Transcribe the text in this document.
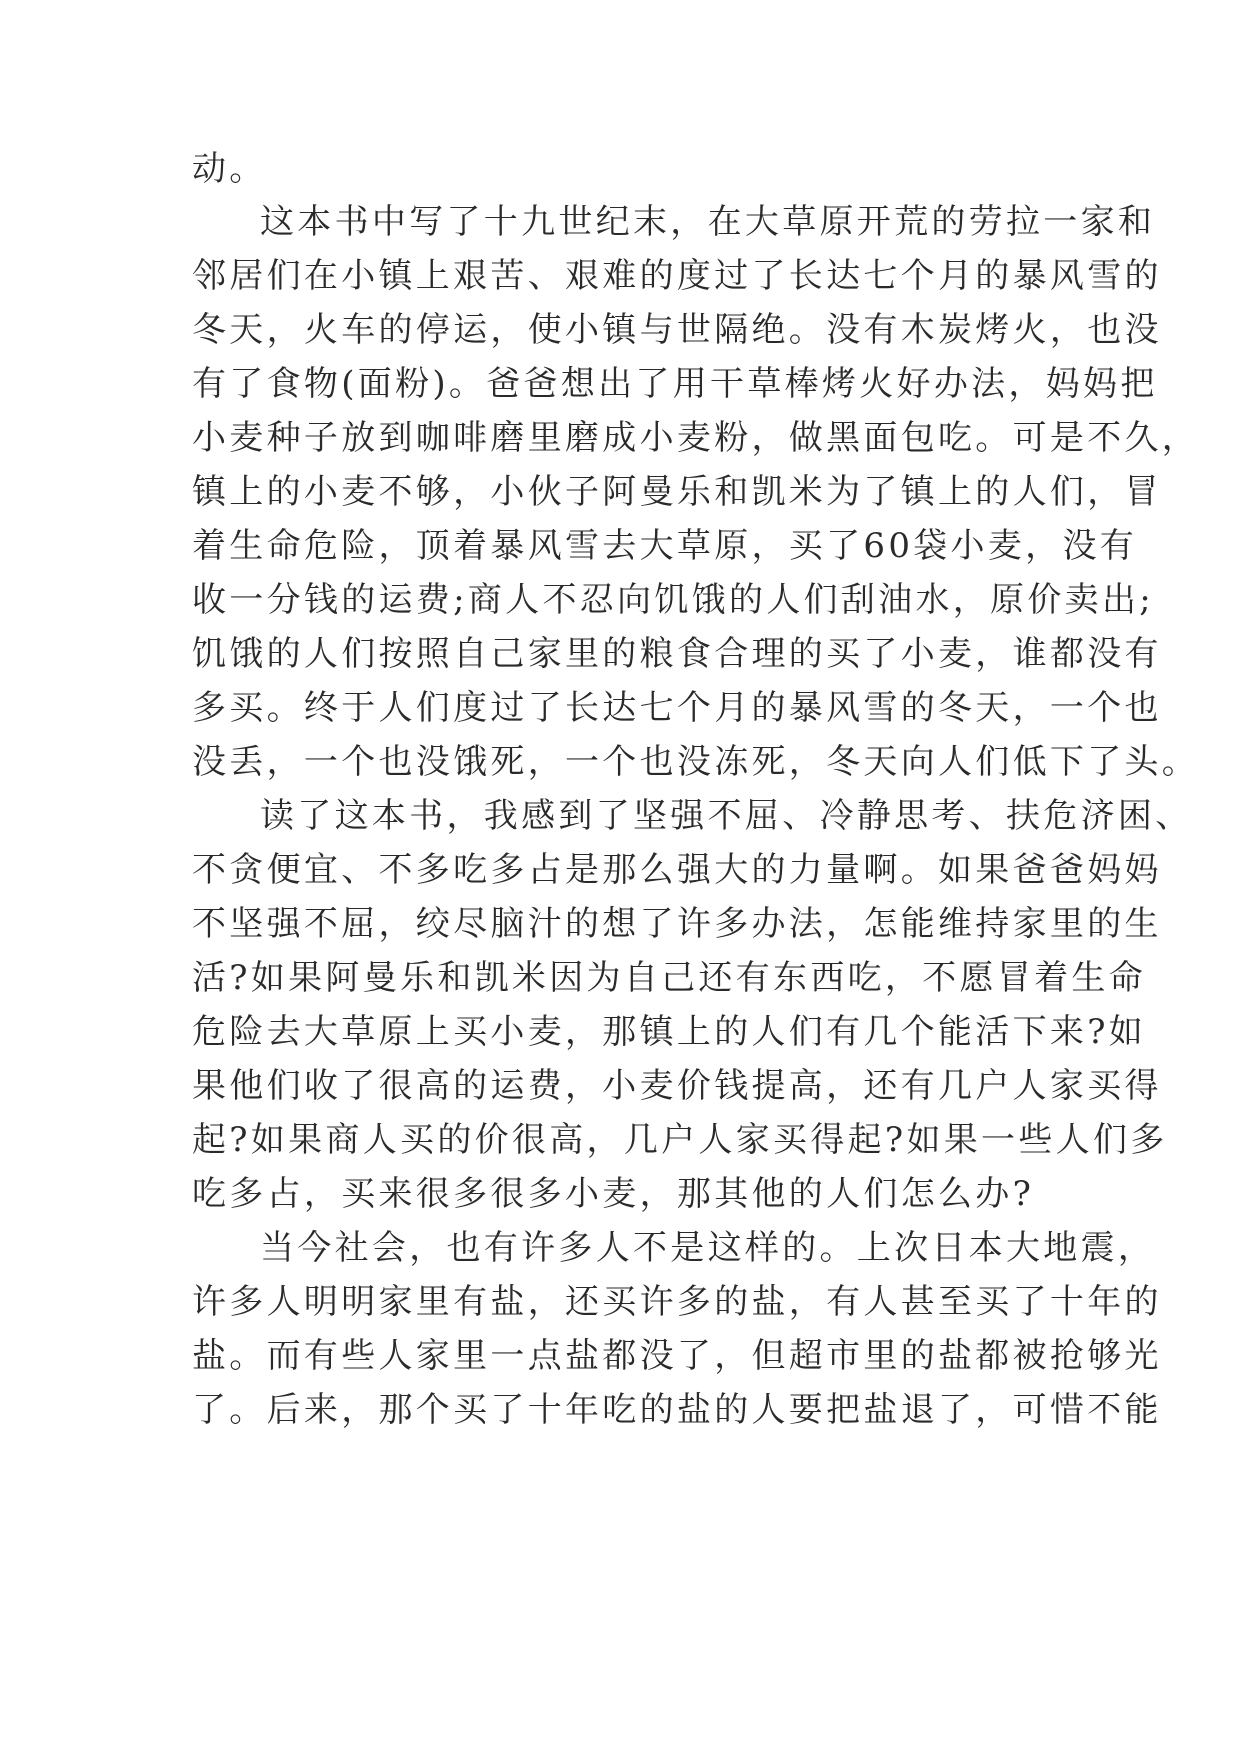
动。
这本书中写了十九世纪末，在大草原开荒的劳拉一家和
邻居们在小镇上艰苦、艰难的度过了长达七个月的暴风雪的
冬天，火车的停运，使小镇与世隔绝。没有木炭烤火，也没
有了食物(面粉)。爸爸想出了用干草棒烤火好办法，妈妈把
小麦种子放到咖啡磨里磨成小麦粉，做黑面包吃。可是不久，
镇上的小麦不够，小伙子阿曼乐和凯米为了镇上的人们，冒
着生命危险，顶着暴风雪去大草原，买了60袋小麦，没有
收一分钱的运费;商人不忍向饥饿的人们刮油水，原价卖出;
饥饿的人们按照自己家里的粮食合理的买了小麦，谁都没有
多买。终于人们度过了长达七个月的暴风雪的冬天，一个也
没丢，一个也没饿死，一个也没冻死，冬天向人们低下了头。
读了这本书，我感到了坚强不屈、冷静思考、扶危济困、
不贪便宜、不多吃多占是那么强大的力量啊。如果爸爸妈妈
不坚强不屈，绞尽脑汁的想了许多办法，怎能维持家里的生
活?如果阿曼乐和凯米因为自己还有东西吃，不愿冒着生命
危险去大草原上买小麦，那镇上的人们有几个能活下来?如
果他们收了很高的运费，小麦价钱提高，还有几户人家买得
起?如果商人买的价很高，几户人家买得起?如果一些人们多
吃多占，买来很多很多小麦，那其他的人们怎么办?
当今社会，也有许多人不是这样的。上次日本大地震，
许多人明明家里有盐，还买许多的盐，有人甚至买了十年的
盐。而有些人家里一点盐都没了，但超市里的盐都被抢够光
了。后来，那个买了十年吃的盐的人要把盐退了，可惜不能
